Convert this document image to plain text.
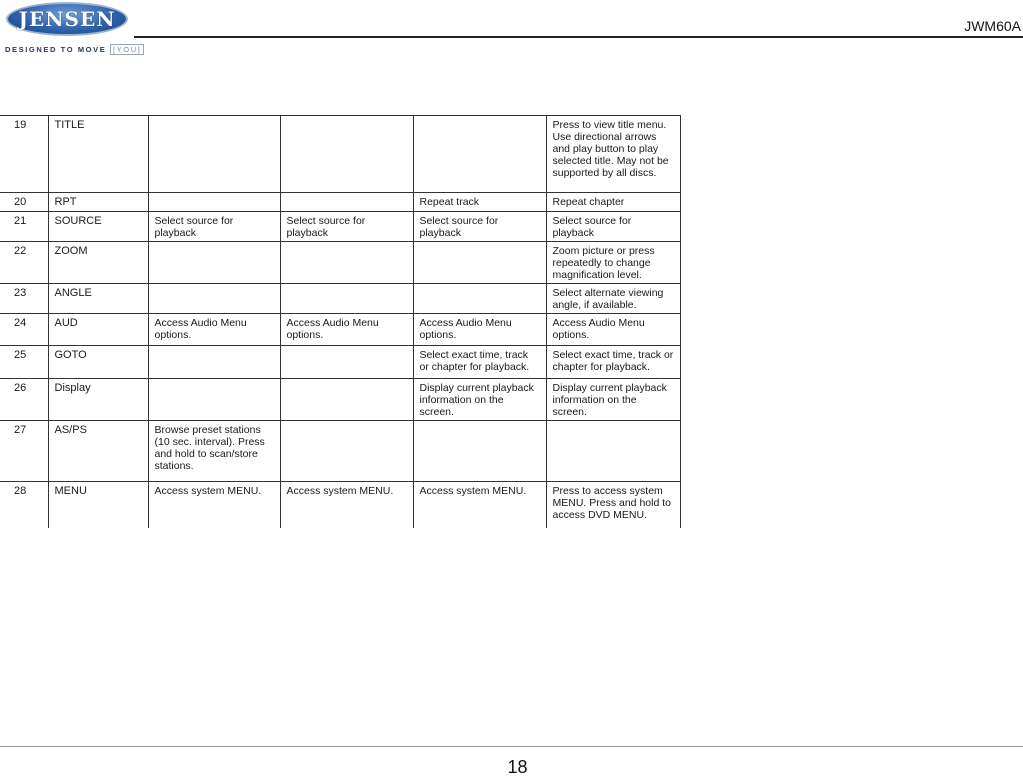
JENSEN
DESIGNED TO MOVE [YOU]
JWM60A
19	TITLE				Press to view title menu. Use directional arrows and play button to play selected title. May not be supported by all discs.
20	RPT			Repeat track	Repeat chapter
21	SOURCE	Select source for playback	Select source for playback	Select source for playback	Select source for playback
22	ZOOM				Zoom picture or press repeatedly to change magnification level.
23	ANGLE				Select alternate viewing angle, if available.
24	AUD	Access Audio Menu options.	Access Audio Menu options.	Access Audio Menu options.	Access Audio Menu options.
25	GOTO			Select exact time, track or chapter for playback.	Select exact time, track or chapter for playback.
26	Display			Display current playback information on the screen.	Display current playback information on the screen.
27	AS/PS	Browse preset stations (10 sec. interval). Press and hold to scan/store stations.			
28	MENU	Access system MENU.	Access system MENU.	Access system MENU.	Press to access system MENU. Press and hold to access DVD MENU.
18
